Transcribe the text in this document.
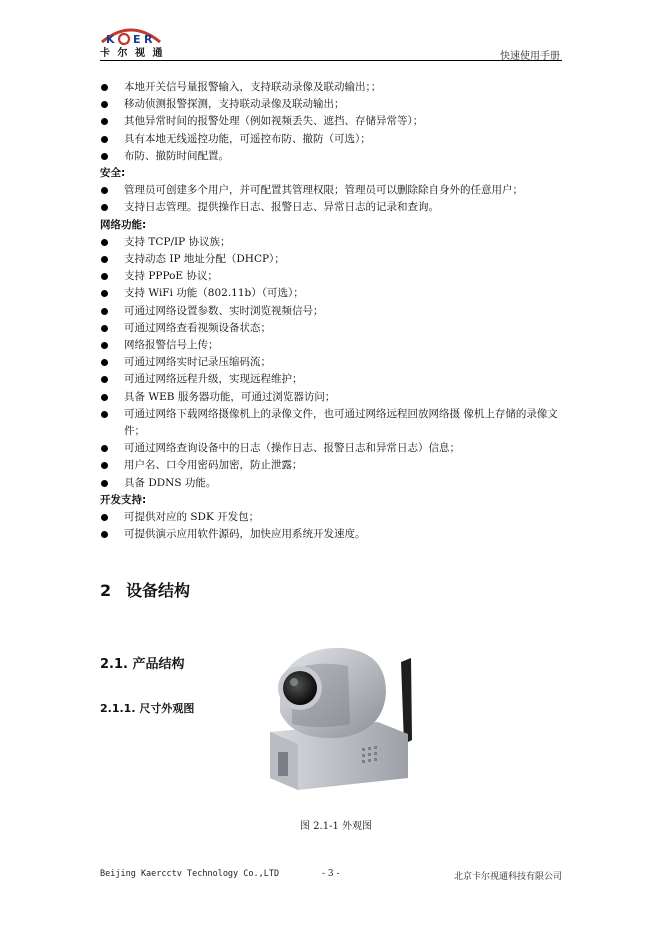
K E R
卡 尔 视 通	快速使用手册
本地开关信号量报警输入，支持联动录像及联动输出；；
移动侦测报警探测，支持联动录像及联动输出；
其他异常时间的报警处理（例如视频丢失、遮挡、存储异常等）；
具有本地无线遥控功能，可遥控布防、撤防（可选）；
布防、撤防时间配置。
安全:
管理员可创建多个用户，并可配置其管理权限；管理员可以删除除自身外的任意用户；
支持日志管理。提供操作日志、报警日志、异常日志的记录和查询。
网络功能:
支持 TCP/IP 协议族；
支持动态 IP 地址分配（DHCP）；
支持 PPPoE 协议；
支持 WiFi 功能（802.11b）（可选）；
可通过网络设置参数、实时浏览视频信号；
可通过网络查看视频设备状态；
网络报警信号上传；
可通过网络实时记录压缩码流；
可通过网络远程升级，实现远程维护；
具备 WEB 服务器功能，可通过浏览器访问；
可通过网络下载网络摄像机上的录像文件，也可通过网络远程回放网络摄 像机上存储的录像文件；
可通过网络查询设备中的日志（操作日志、报警日志和异常日志）信息；
用户名、口令用密码加密，防止泄露；
具备 DDNS 功能。
开发支持:
可提供对应的 SDK 开发包；
可提供演示应用软件源码，加快应用系统开发速度。
2 设备结构
2.1. 产品结构
2.1.1. 尺寸外观图
图 2.1-1 外观图
Beijing Kaercctv Technology Co.,LTD	- 3 -	北京卡尔视通科技有限公司
